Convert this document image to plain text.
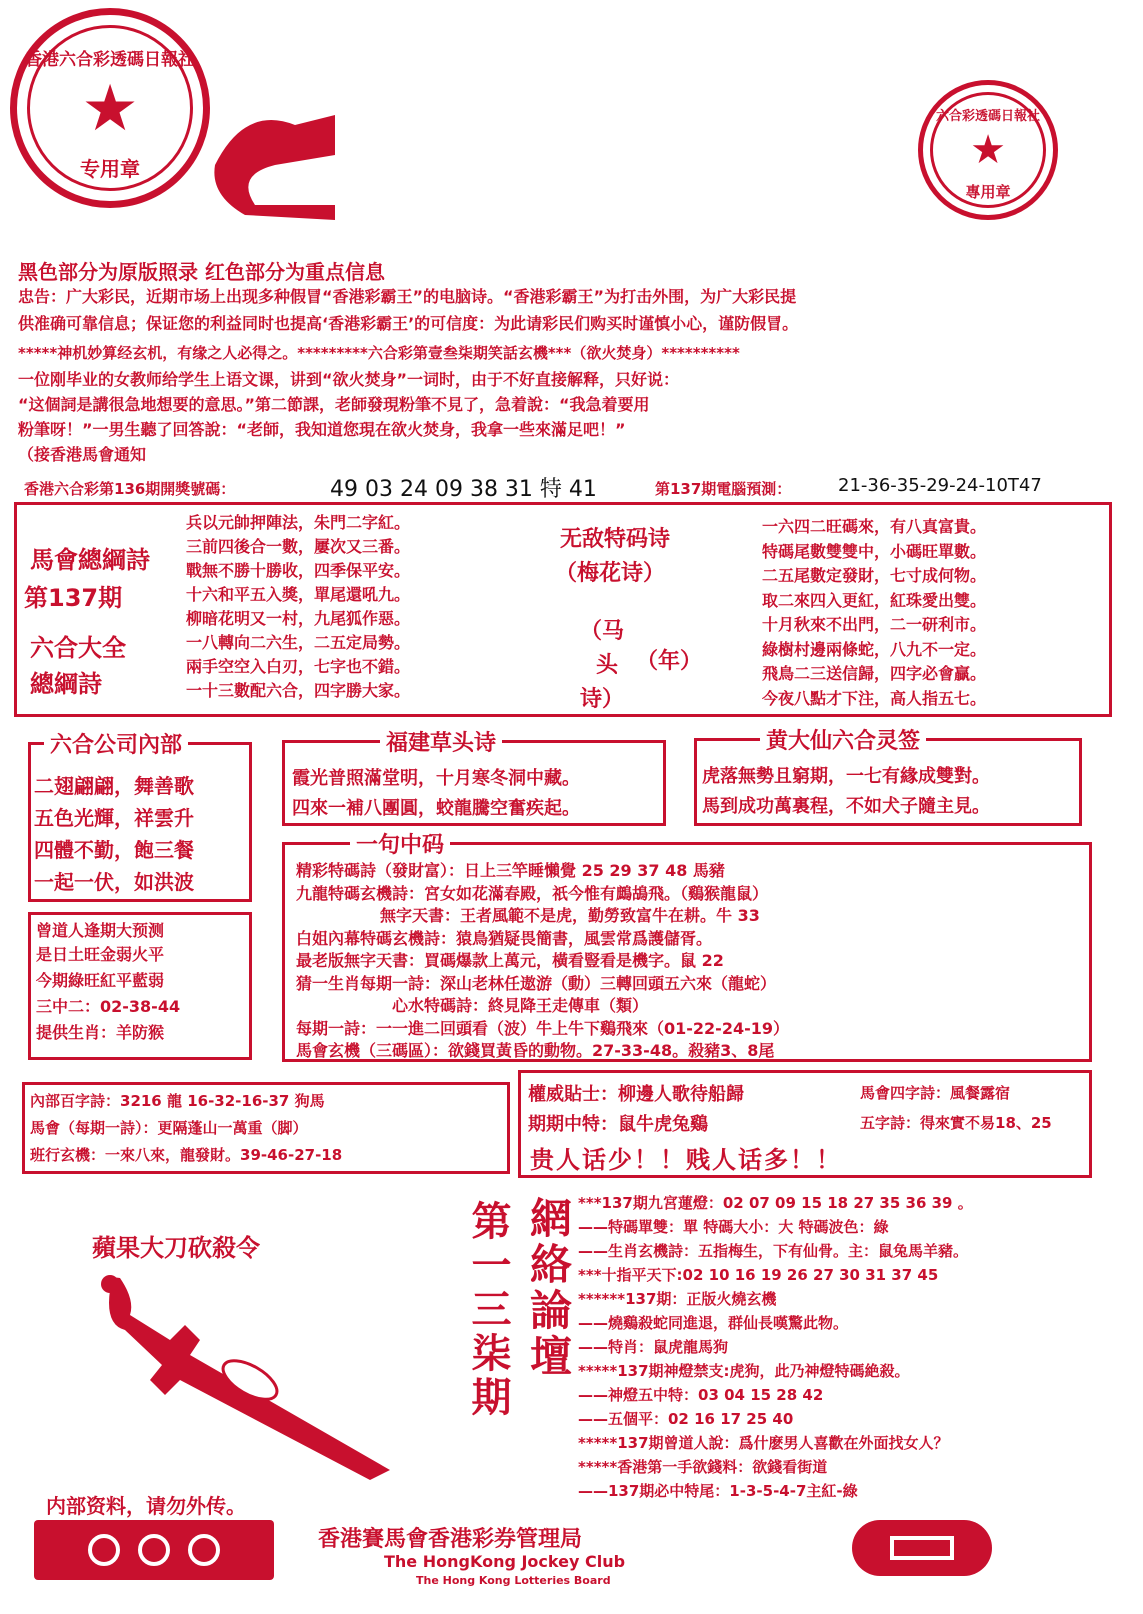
香港六合彩透碼日報社
★
专用章
六合彩透碼日報社
★
專用章
黑色部分为原版照录 红色部分为重点信息
忠告：广大彩民，近期市场上出现多种假冒“香港彩霸王”的电脑诗。“香港彩霸王”为打击外围，为广大彩民提
供准确可靠信息；保证您的利益同时也提高‘香港彩霸王’的可信度：为此请彩民们购买时谨慎小心，谨防假冒。
*****神机妙算经玄机，有缘之人必得之。*********六合彩第壹叁柒期笑話玄機***（欲火焚身）**********
一位刚毕业的女教师给学生上语文课，讲到“欲火焚身”一词时，由于不好直接解释，只好说：
“这個詞是講很急地想要的意思。”第二節課，老師發現粉筆不見了，急着說：“我急着要用
粉筆呀！”一男生聽了回答說：“老師，我知道您現在欲火焚身，我拿一些來滿足吧！”
（接香港馬會通知
香港六合彩第136期開獎號碼：	49 03 24 09 38 31 特 41	第137期電腦預測：	21-36-35-29-24-10T47
馬會總綱詩
第137期
六合大全
總綱詩
兵以元帥押陣法，朱門二字紅。
三前四後合一數，屢次又三番。
戰無不勝十勝收，四季保平安。
十六和平五入獎，單尾還吼九。
柳暗花明又一村，九尾狐作惡。
一八轉向二六生，二五定局勢。
兩手空空入白刃，七字也不錯。
一十三數配六合，四字勝大家。
无敌特码诗
（梅花诗）
（马
头
诗）
（年）
一六四二旺碼來，有八真富貴。
特碼尾數雙雙中，小碼旺單數。
二五尾數定發財，七寸成何物。
取二來四入更紅，紅珠愛出雙。
十月秋來不出門，二一研利市。
綠樹村邊兩條蛇，八九不一定。
飛鳥二三送信歸，四字必會贏。
今夜八點才下注，高人指五七。
六合公司內部
二翅翩翩，舞善歌
五色光輝，祥雲升
四體不勤，飽三餐
一起一伏，如洪波
福建草头诗
霞光普照滿堂明，十月寒冬洞中藏。
四來一補八團圓，蛟龍騰空奮疾起。
黄大仙六合灵签
虎落無勢且窮期，一七有緣成雙對。
馬到成功萬裏程，不如犬子隨主見。
曾道人逢期大预测
是日土旺金弱火平
今期綠旺紅平藍弱
三中二：02-38-44
提供生肖：羊防猴
一句中码
精彩特碼詩（發財富）：日上三竿睡懶覺 25 29 37 48 馬豬
九龍特碼玄機詩：宮女如花滿春殿，祇今惟有鷓鴣飛。（鷄猴龍鼠）
無字天書：王者風範不是虎，勤勞致富牛在耕。牛 33
白姐內幕特碼玄機詩：猿鳥猶疑畏簡書，風雲常爲護儲胥。
最老版無字天書：買碼爆款上萬元，橫看豎看是機字。鼠 22
猜一生肖每期一詩：深山老林任遨游（動）三轉回頭五六來（龍蛇）
心水特碼詩：終見降王走傳車（類）
每期一詩：一一進二回頭看（波）牛上牛下鷄飛來（01-22-24-19）
馬會玄機（三碼區）：欲錢買黃昏的動物。27-33-48。殺豬3、8尾
內部百字詩：3216 龍 16-32-16-37 狗馬
馬會（每期一詩）：更隔蓬山一萬重（脚）
班行玄機：一來八來，龍發財。39-46-27-18
權威貼士：柳邊人歌待船歸	馬會四字詩：風餐露宿
期期中特：鼠牛虎兔鷄	五字詩：得來實不易18、25
贵人话少！！贱人话多！！
蘋果大刀砍殺令
内部资料，请勿外传。
第一三柒期 網絡論壇 ***137期九宮蓮燈：02 07 09 15 18 27 35 36 39 。
——特碼單雙：單 特碼大小：大 特碼波色：綠
——生肖玄機詩：五指梅生，下有仙骨。主：鼠兔馬羊豬。
***十指平天下:02 10 16 19 26 27 30 31 37 45
******137期：正版火燒玄機
——燒鷄殺蛇同進退，群仙長嘆驚此物。
——特肖：鼠虎龍馬狗
*****137期神燈禁支:虎狗，此乃神燈特碼絶殺。
——神燈五中特：03 04 15 28 42
——五個平：02 16 17 25 40
*****137期曾道人說：爲什麽男人喜歡在外面找女人？
*****香港第一手欲錢料：欲錢看街道
——137期必中特尾：1-3-5-4-7主紅-綠
香港賽馬會香港彩券管理局
The HongKong Jockey Club
The Hong Kong Lotteries Board
